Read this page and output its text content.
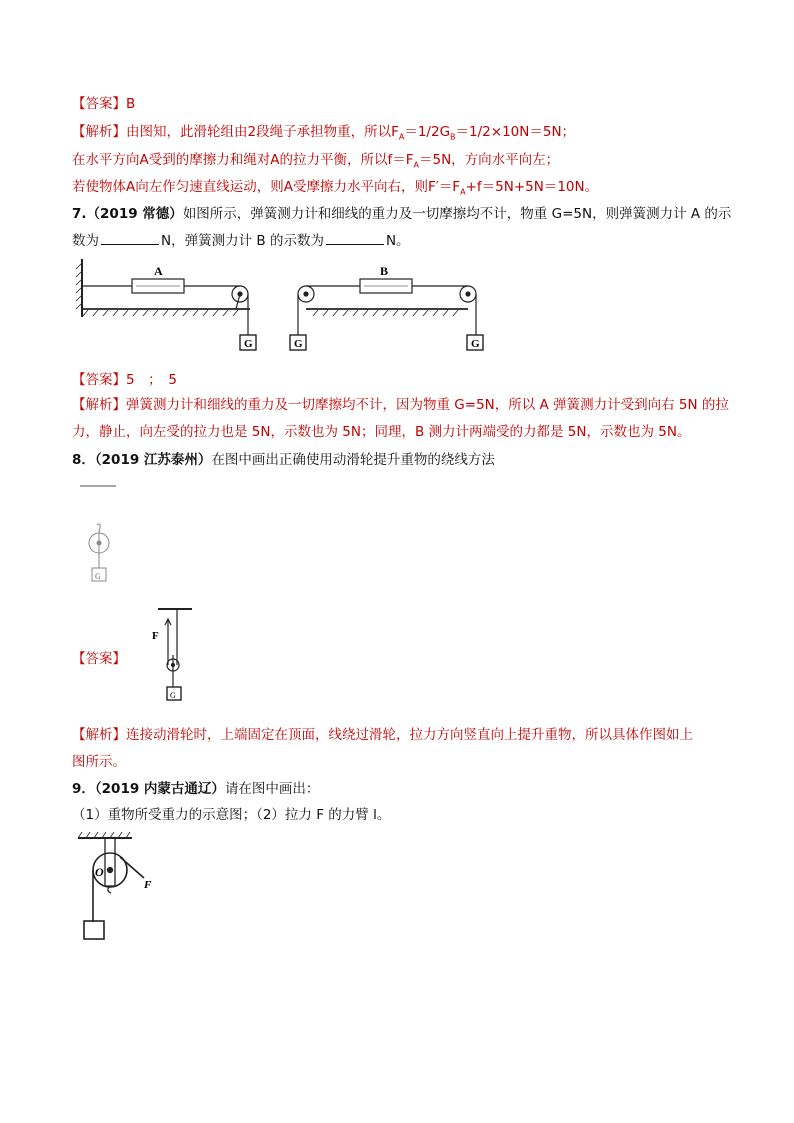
【答案】B
【解析】由图知，此滑轮组由2段绳子承担物重，所以$F_A=1/2G_B=1/2\times 10N=5N$；
在水平方向A受到的摩擦力和绳对A的拉力平衡，所以$f=F_A=5N$，方向水平向左；
若使物体A向左作匀速直线运动，则A受摩擦力水平向右，则$F'=F_A+f=5N+5N=10N$。
7.（2019 常德）如图所示，弹簧测力计和细线的重力及一切摩擦均不计，物重 G=5N，则弹簧测力计 A 的示
数为	N，弹簧测力计 B 的示数为	N。
A	B
G	G	G
【答案】5　；　5
【解析】弹簧测力计和细线的重力及一切摩擦均不计，因为物重 G=5N，所以 A 弹簧测力计受到向右 5N 的拉
力，静止，向左受的拉力也是 5N，示数也为 5N；同理，B 测力计两端受的力都是 5N，示数也为 5N。
8．（2019 江苏泰州）在图中画出正确使用动滑轮提升重物的绕线方法
G
【答案】
F
G
【解析】连接动滑轮时，上端固定在顶面，线绕过滑轮，拉力方向竖直向上提升重物，所以具体作图如上
图所示。
9．（2019 内蒙古通辽）请在图中画出：
（1）重物所受重力的示意图；（2）拉力 F 的力臂 l。
O
F
